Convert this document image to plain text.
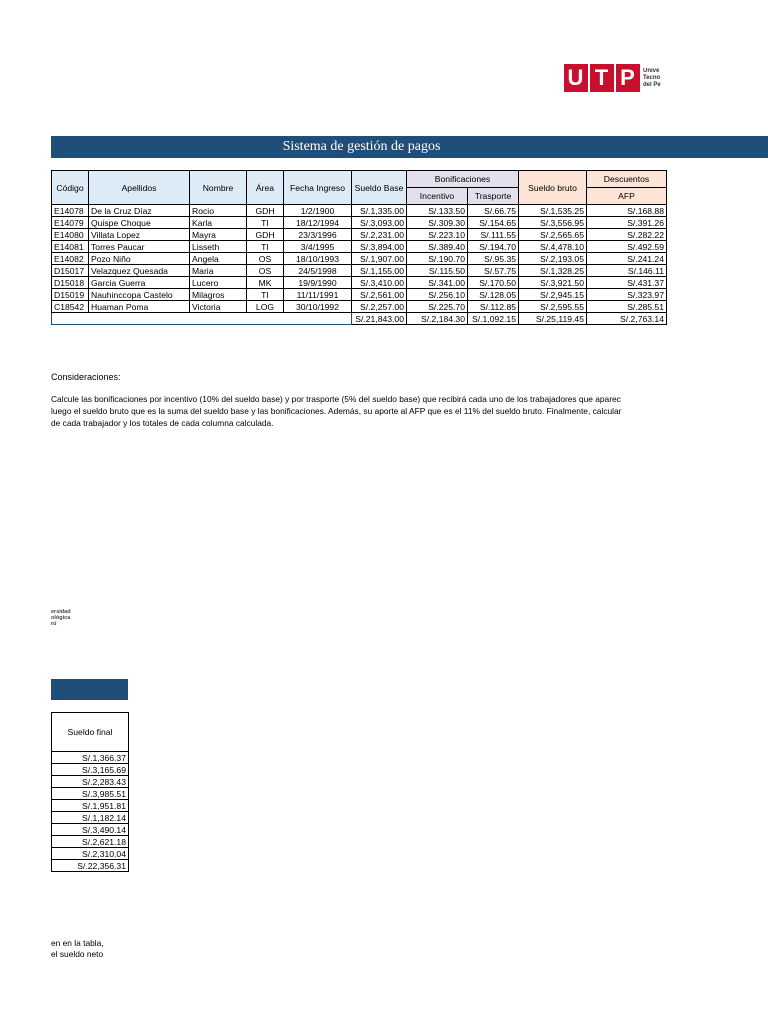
U T P	Unive
Tecno
del Pe
Sistema de gestión de pagos
Código	Apellidos	Nombre	Área	Fecha Ingreso	Sueldo Base	Bonificaciones		Sueldo bruto	Descuentos
						Incentivo	Trasporte		AFP
E14078	De la Cruz Díaz	Rocio	GDH	1/2/1900	S/.1,335.00	S/.133.50	S/.66.75	S/.1,535.25	S/.168.88
E14079	Quispe Choque	Karla	TI	18/12/1994	S/.3,093.00	S/.309.30	S/.154.65	S/.3,556.95	S/.391.26
E14080	Villata Lopez	Mayra	GDH	23/3/1996	S/.2,231.00	S/.223.10	S/.111.55	S/.2,565.65	S/.282.22
E14081	Torres Paucar	Lisseth	TI	3/4/1995	S/.3,894.00	S/.389.40	S/.194.70	S/.4,478.10	S/.492.59
E14082	Pozo Niño	Angela	OS	18/10/1993	S/.1,907.00	S/.190.70	S/.95.35	S/.2,193.05	S/.241.24
D15017	Velazquez Quesada	Maria	OS	24/5/1998	S/.1,155.00	S/.115.50	S/.57.75	S/.1,328.25	S/.146.11
D15018	Garcia Guerra	Lucero	MK	19/9/1990	S/.3,410.00	S/.341.00	S/.170.50	S/.3,921.50	S/.431.37
D15019	Nauhinccopa Castelo	Milagros	TI	11/11/1991	S/.2,561.00	S/.256.10	S/.128.05	S/.2,945.15	S/.323.97
C18542	Huaman Poma	Victoria	LOG	30/10/1992	S/.2,257.00	S/.225.70	S/.112.85	S/.2,595.55	S/.285.51
TOTALES					S/.21,843.00	S/.2,184.30	S/.1,092.15	S/.25,119.45	S/.2,763.14
Consideraciones:
Calcule las bonificaciones por incentivo (10% del sueldo base) y por trasporte (5% del sueldo base) que recibirá cada uno de los trabajadores que aparec
luego el sueldo bruto que es la suma del sueldo base y las bonificaciones. Además, su aporte al AFP que es el 11% del sueldo bruto. Finalmente, calcular
de cada trabajador y los totales de cada columna calculada.
ersidad
ológica
rú
Sueldo final
S/.1,366.37
S/.3,165.69
S/.2,283.43
S/.3,985.51
S/.1,951.81
S/.1,182.14
S/.3,490.14
S/.2,621.18
S/.2,310.04
S/.22,356.31
en en la tabla,
el sueldo neto
